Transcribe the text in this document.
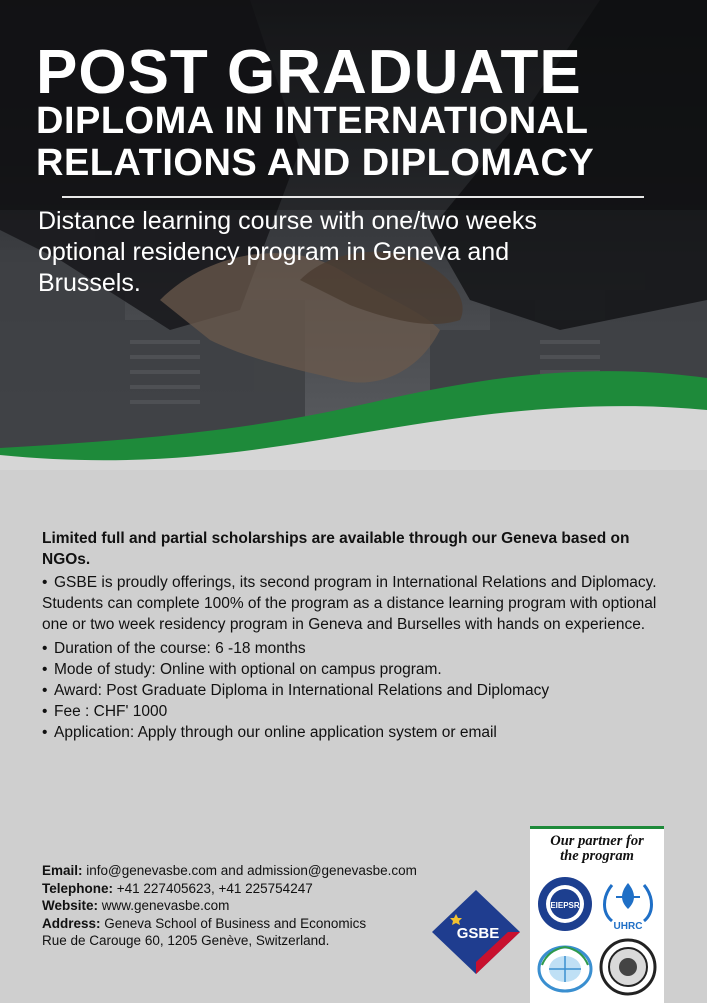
POST GRADUATE
DIPLOMA IN INTERNATIONAL
RELATIONS AND DIPLOMACY
Distance learning course with one/two weeks optional residency program in Geneva and Brussels.
Limited full and partial scholarships are available through our Geneva based on NGOs.
• GSBE is proudly offerings, its second program in International Relations and Diplomacy. Students can complete 100% of the program as a distance learning program with optional one or two week residency program in Geneva and Burselles with hands on experience.
• Duration of the course: 6 -18 months
• Mode of study: Online with optional on campus program.
• Award: Post Graduate Diploma in International Relations and Diplomacy
• Fee : CHF' 1000
• Application: Apply through our online application system or email
Email: info@genevasbe.com and admission@genevasbe.com
Telephone: +41 227405623, +41 225754247
Website: www.genevasbe.com
Address: Geneva School of Business and Economics
Rue de Carouge 60, 1205 Genève, Switzerland.	GSBE
Our partner for
the program
EIEPSR
UHRC
